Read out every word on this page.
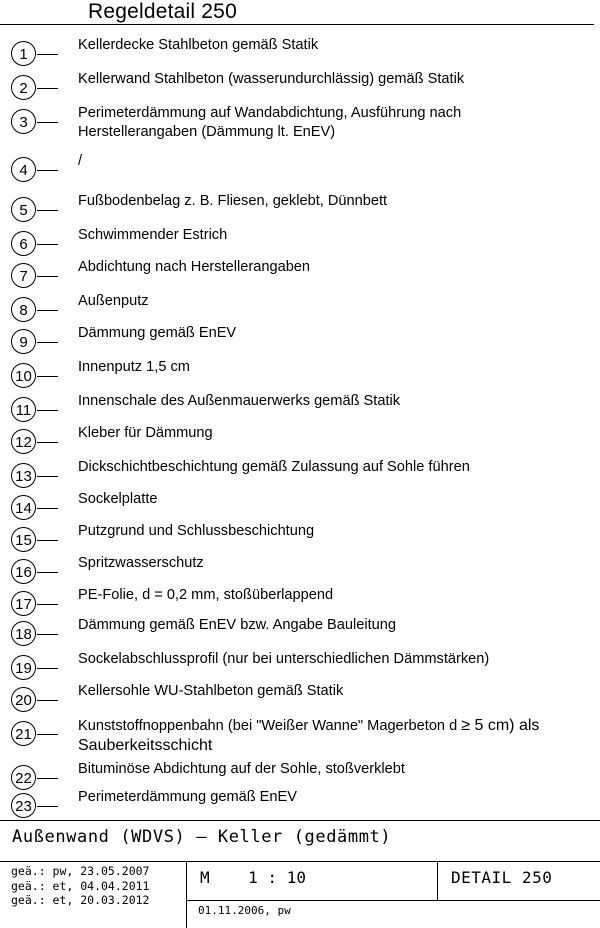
Regeldetail 250
1
Kellerdecke Stahlbeton gemäß Statik
2
Kellerwand Stahlbeton (wasserundurchlässig) gemäß Statik
3
Perimeterdämmung auf Wandabdichtung, Ausführung nach
Herstellerangaben (Dämmung lt. EnEV)
4
/
5
Fußbodenbelag z. B. Fliesen, geklebt, Dünnbett
6
Schwimmender Estrich
7
Abdichtung nach Herstellerangaben
8
Außenputz
9
Dämmung gemäß EnEV
10
Innenputz 1,5 cm
11
Innenschale des Außenmauerwerks gemäß Statik
12
Kleber für Dämmung
13
Dickschichtbeschichtung gemäß Zulassung auf Sohle führen
14
Sockelplatte
15
Putzgrund und Schlussbeschichtung
16
Spritzwasserschutz
17
PE-Folie, d = 0,2 mm, stoßüberlappend
18
Dämmung gemäß EnEV bzw. Angabe Bauleitung
19
Sockelabschlussprofil (nur bei unterschiedlichen Dämmstärken)
20
Kellersohle WU-Stahlbeton gemäß Statik
21	Kunststoffnoppenbahn (bei "Weißer Wanne" Magerbeton d ≥ 5 cm) als
Sauberkeitsschicht
22
Bituminöse Abdichtung auf der Sohle, stoßverklebt
23
Perimeterdämmung gemäß EnEV
Außenwand (WDVS) – Keller (gedämmt)
geä.: pw, 23.05.2007
geä.: et, 04.04.2011
geä.: et, 20.03.2012
M    1 : 10
01.11.2006, pw
DETAIL 250
